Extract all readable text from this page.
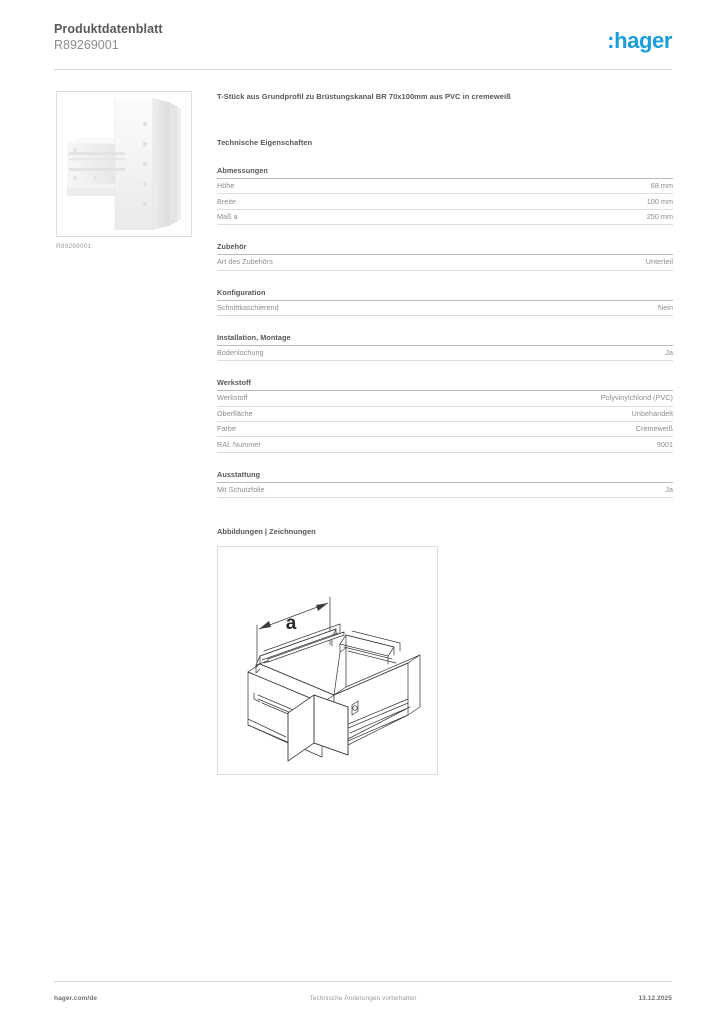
Produktdatenblatt
R89269001	:hager
R89269001
T-Stück aus Grundprofil zu Brüstungskanal BR 70x100mm aus PVC in cremeweiß
Technische Eigenschaften
Abmessungen
Höhe	68 mm
Breite	100 mm
Maß a	250 mm
Zubehör
Art des Zubehörs	Unterteil
Konfiguration
Schnittkaschierend	Nein
Installation, Montage
Bodenlochung	Ja
Werkstoff
Werkstoff	Polyvinylchlorid (PVC)
Oberfläche	Unbehandelt
Farbe	Cremeweiß
RAL Nummer	9001
Ausstattung
Mit Schutzfolie	Ja
Abbildungen | Zeichnungen
a
hager.com/de	Technische Änderungen vorbehalten	13.12.2025
